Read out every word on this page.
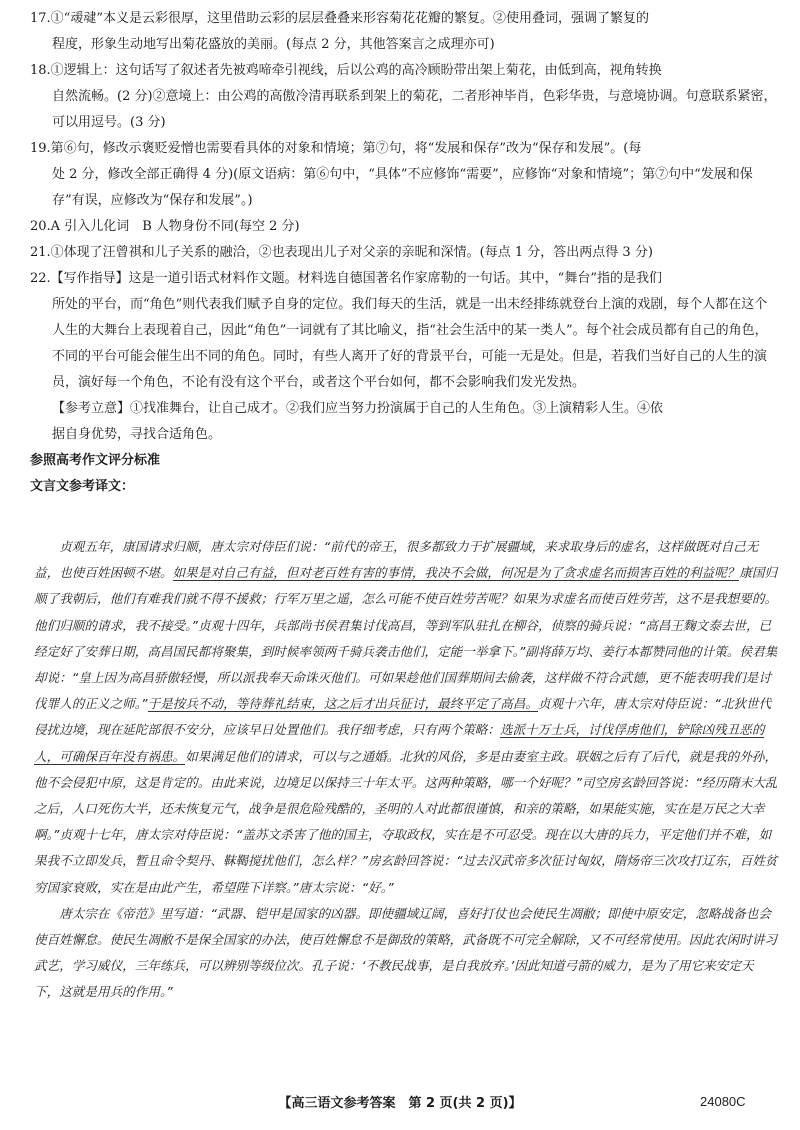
17.①“叆叇”本义是云彩很厚，这里借助云彩的层层叠叠来形容菊花花瓣的繁复。②使用叠词，强调了繁复的
程度，形象生动地写出菊花盛放的美丽。(每点 2 分，其他答案言之成理亦可)

18.①逻辑上：这句话写了叙述者先被鸡啼牵引视线，后以公鸡的高冷顾盼带出架上菊花，由低到高，视角转换

自然流畅。(2 分)②意境上：由公鸡的高傲冷清再联系到架上的菊花，二者形神毕肖，色彩华贵，与意境协调。句意联系紧密，可以用逗号。(3 分)

19.第⑥句，修改示褒贬爱憎也需要看具体的对象和情境；第⑦句，将“发展和保存”改为“保存和发展”。(每

处 2 分，修改全部正确得 4 分)(原文语病：第⑥句中，“具体”不应修饰“需要”，应修饰“对象和情境”；第⑦句中“发展和保存”有误，应修改为“保存和发展”。)

20.A 引入儿化词　B 人物身份不同(每空 2 分)

21.①体现了汪曾祺和儿子关系的融洽，②也表现出儿子对父亲的亲昵和深情。(每点 1 分，答出两点得 3 分)

22.【写作指导】这是一道引语式材料作文题。材料选自德国著名作家席勒的一句话。其中，“舞台”指的是我们

所处的平台，而“角色”则代表我们赋予自身的定位。我们每天的生活，就是一出未经排练就登台上演的戏剧，每个人都在这个人生的大舞台上表现着自己，因此“角色”一词就有了其比喻义，指“社会生活中的某一类人”。每个社会成员都有自己的角色，不同的平台可能会催生出不同的角色。同时，有些人离开了好的背景平台，可能一无是处。但是，若我们当好自己的人生的演员，演好每一个角色，不论有没有这个平台，或者这个平台如何，都不会影响我们发光发热。

【参考立意】①找准舞台，让自己成才。②我们应当努力扮演属于自己的人生角色。③上演精彩人生。④依
据自身优势，寻找合适角色。

参照高考作文评分标准

文言文参考译文：

贞观五年，康国请求归顺，唐太宗对侍臣们说：“前代的帝王，很多都致力于扩展疆域，来求取身后的虚名，这样做既对自己无益，也使百姓困顿不堪。如果是对自己有益，但对老百姓有害的事情，我决不会做，何况是为了贪求虚名而损害百姓的利益呢？康国归顺了我朝后，他们有难我们就不得不援救；行军万里之遥，怎么可能不使百姓劳苦呢？如果为求虚名而使百姓劳苦，这不是我想要的。他们归顺的请求，我不接受。”贞观十四年，兵部尚书侯君集讨伐高昌，等到军队驻扎在柳谷，侦察的骑兵说：“高昌王麴文泰去世，已经定好了安葬日期，高昌国民都将聚集，到时候率领两千骑兵袭击他们，定能一举拿下。”副将薛万均、姜行本都赞同他的计策。侯君集却说：“皇上因为高昌骄傲轻慢，所以派我奉天命诛灭他们。可如果趁他们国葬期间去偷袭，这样做不符合武德，更不能表明我们是讨伐罪人的正义之师。”于是按兵不动，等待葬礼结束，这之后才出兵征讨，最终平定了高昌。贞观十六年，唐太宗对侍臣说：“北狄世代侵扰边境，现在延陀部很不安分，应该早日处置他们。我仔细考虑，只有两个策略：选派十万士兵，讨伐俘虏他们，铲除凶残丑恶的人，可确保百年没有祸患。如果满足他们的请求，可以与之通婚。北狄的风俗，多是由妻室主政。联姻之后有了后代，就是我的外孙，他不会侵犯中原，这是肯定的。由此来说，边境足以保持三十年太平。这两种策略，哪一个好呢？”司空房玄龄回答说：“经历隋末大乱之后，人口死伤大半，还未恢复元气，战争是很危险残酷的，圣明的人对此都很谨慎，和亲的策略，如果能实施，实在是万民之大幸啊。”贞观十七年，唐太宗对侍臣说：“盖苏文杀害了他的国主，夺取政权，实在是不可忍受。现在以大唐的兵力，平定他们并不难，如果我不立即发兵，暂且命令契丹、靺鞨搅扰他们，怎么样？”房玄龄回答说：“过去汉武帝多次征讨匈奴，隋炀帝三次攻打辽东，百姓贫穷国家衰败，实在是由此产生，希望陛下详察。”唐太宗说：“好。”

唐太宗在《帝范》里写道：“武器、铠甲是国家的凶器。即使疆域辽阔，喜好打仗也会使民生凋敝；即使中原安定，忽略战备也会使百姓懈怠。使民生凋敝不是保全国家的办法，使百姓懈怠不是御敌的策略，武备既不可完全解除，又不可经常使用。因此农闲时讲习武艺，学习威仪，三年练兵，可以辨别等级位次。孔子说：‘不教民战事，是自我放弃。’因此知道弓箭的威力，是为了用它来安定天下，这就是用兵的作用。”

【高三语文参考答案　第 2 页(共 2 页)】	24080C
